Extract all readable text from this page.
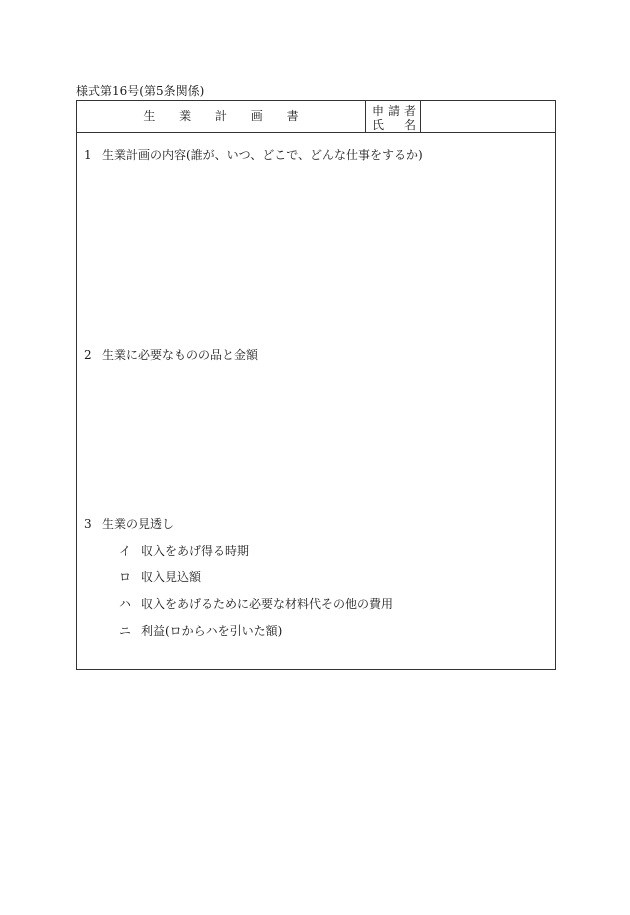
様式第16号(第5条関係)
生 業 計 画 書	申請者
氏 名
1 生業計画の内容(誰が、いつ、どこで、どんな仕事をするか)
2 生業に必要なものの品と金額
3 生業の見透し
イ 収入をあげ得る時期
ロ 収入見込額
ハ 収入をあげるために必要な材料代その他の費用
ニ 利益(ロからハを引いた額)
